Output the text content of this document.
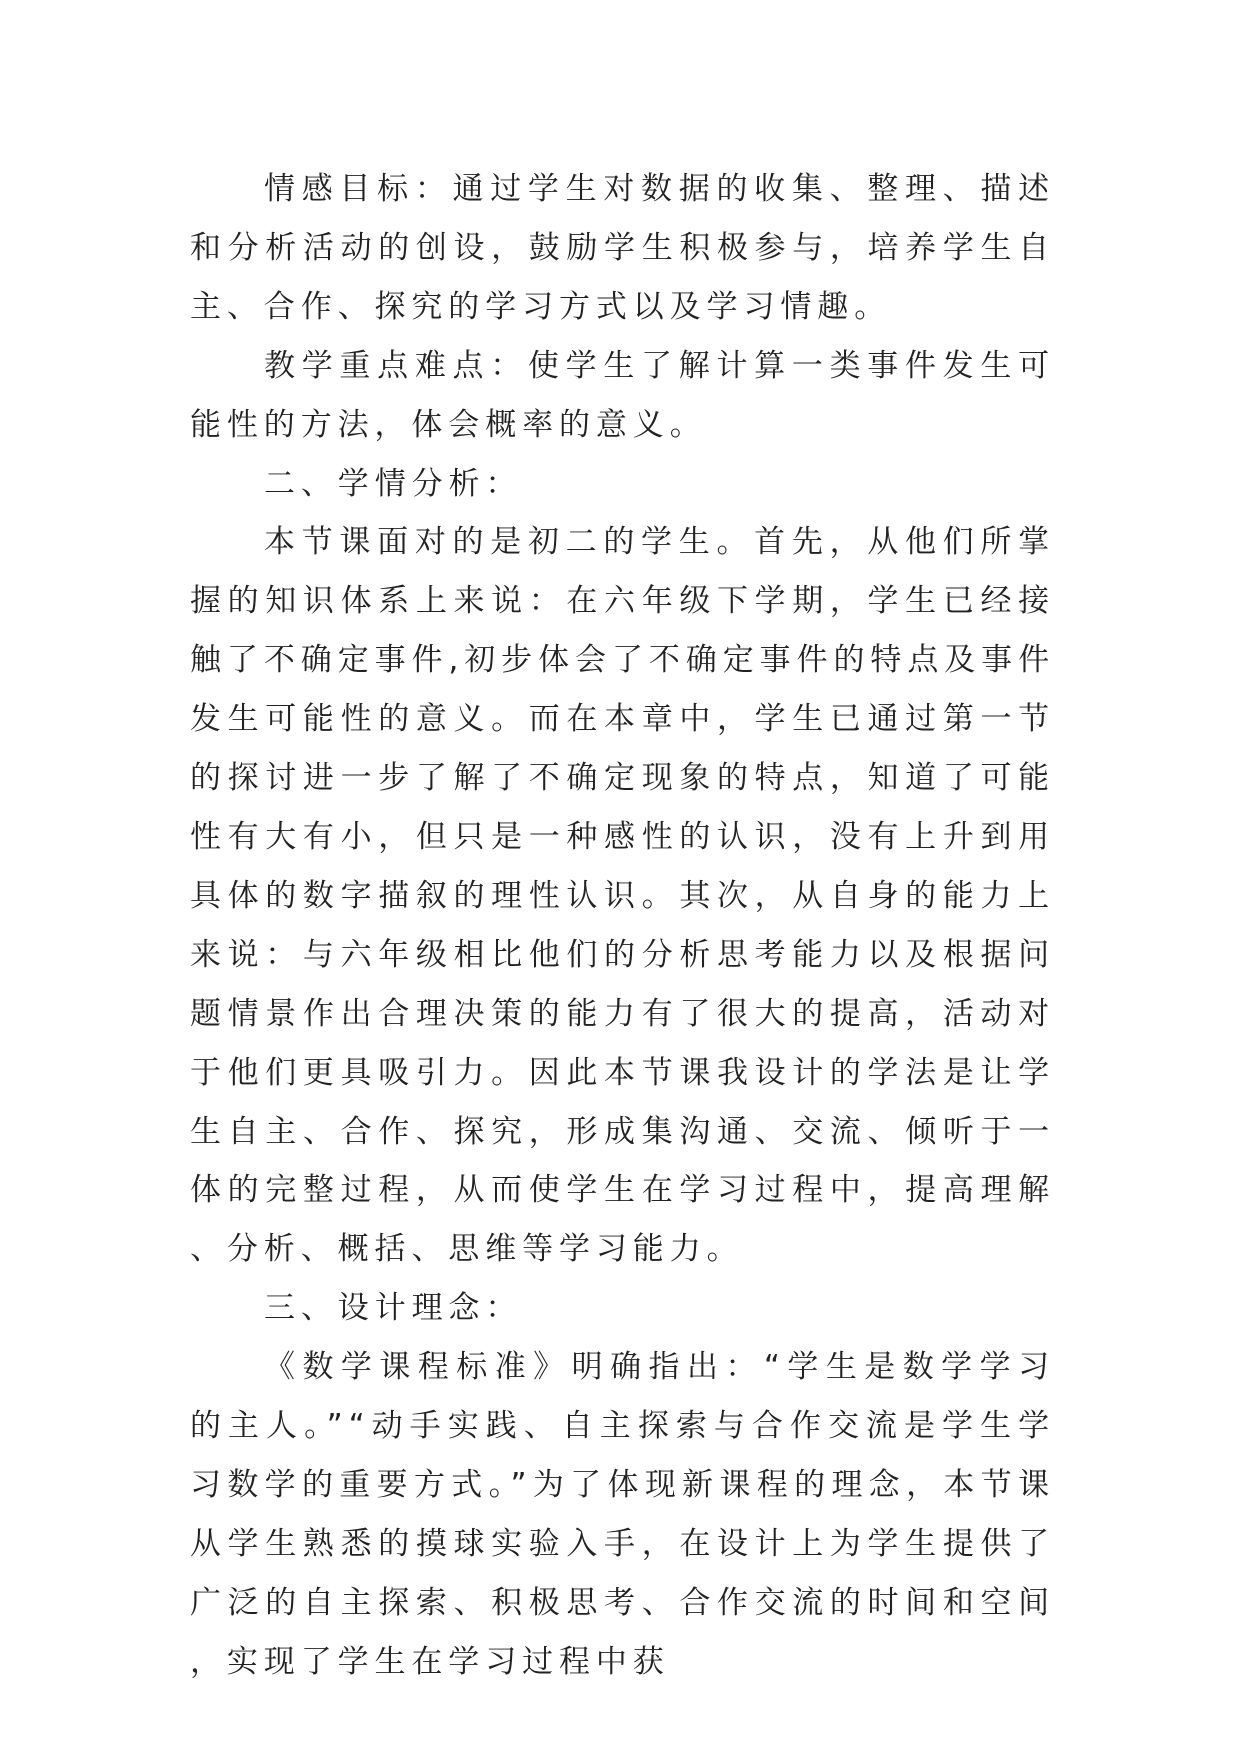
情感目标：通过学生对数据的收集、整理、描述和分析活动的创设，鼓励学生积极参与，培养学生自主、合作、探究的学习方式以及学习情趣。

教学重点难点：使学生了解计算一类事件发生可能性的方法，体会概率的意义。

二、学情分析：

本节课面对的是初二的学生。首先，从他们所掌握的知识体系上来说：在六年级下学期，学生已经接触了不确定事件,初步体会了不确定事件的特点及事件发生可能性的意义。而在本章中，学生已通过第一节的探讨进一步了解了不确定现象的特点，知道了可能性有大有小，但只是一种感性的认识，没有上升到用具体的数字描叙的理性认识。其次，从自身的能力上来说：与六年级相比他们的分析思考能力以及根据问题情景作出合理决策的能力有了很大的提高，活动对于他们更具吸引力。因此本节课我设计的学法是让学生自主、合作、探究，形成集沟通、交流、倾听于一体的完整过程，从而使学生在学习过程中，提高理解、分析、概括、思维等学习能力。

三、设计理念：

《数学课程标准》明确指出：“学生是数学学习的主人。”“动手实践、自主探索与合作交流是学生学习数学的重要方式。”为了体现新课程的理念，本节课从学生熟悉的摸球实验入手，在设计上为学生提供了广泛的自主探索、积极思考、合作交流的时间和空间，实现了学生在学习过程中获
